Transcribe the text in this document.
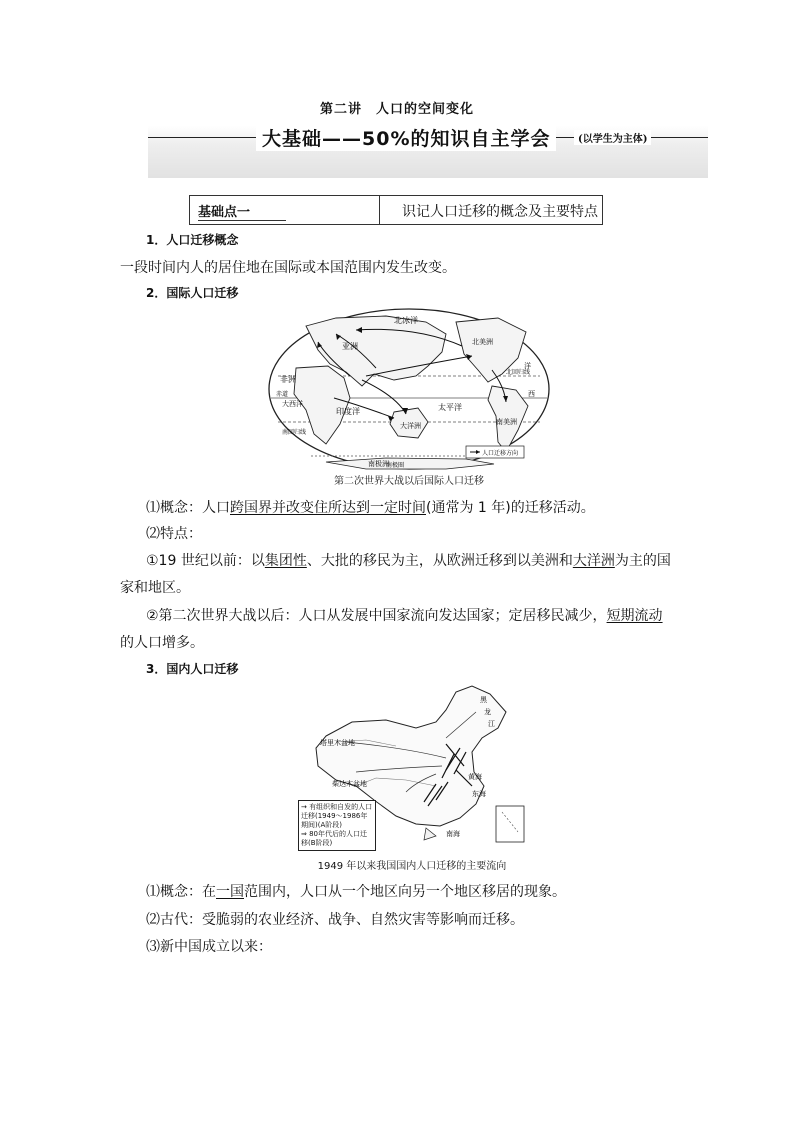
第二讲　人口的空间变化
大基础——50%的知识自主学会	(以学生为主体)
基础点一	识记人口迁移的概念及主要特点
1．人口迁移概念
一段时间内人的居住地在国际或本国范围内发生改变。
2．国际人口迁移
北冰洋
亚洲
非洲
北美洲
南美洲
大洋洲
南极洲
大西洋
印度洋	太平洋
洋
西
赤道
南回归线
北回归线
南极圈
人口迁移方向
第二次世界大战以后国际人口迁移
⑴概念：人口跨国界并改变住所达到一定时间(通常为 1 年)的迁移活动。
⑵特点：
①19 世纪以前：以集团性、大批的移民为主，从欧洲迁移到以美洲和大洋洲为主的国
家和地区。
②第二次世界大战以后：人口从发展中国家流向发达国家；定居移民减少，短期流动
的人口增多。
3．国内人口迁移
塔里木盆地
柴达木盆地
黄海
东海
南海
黑
龙
江
→ 有组织和自发的人口迁移(1949～1986年期间)(A阶段)
⇒ 80年代后的人口迁移(B阶段)
1949 年以来我国国内人口迁移的主要流向
⑴概念：在一国范围内，人口从一个地区向另一个地区移居的现象。
⑵古代：受脆弱的农业经济、战争、自然灾害等影响而迁移。
⑶新中国成立以来：
